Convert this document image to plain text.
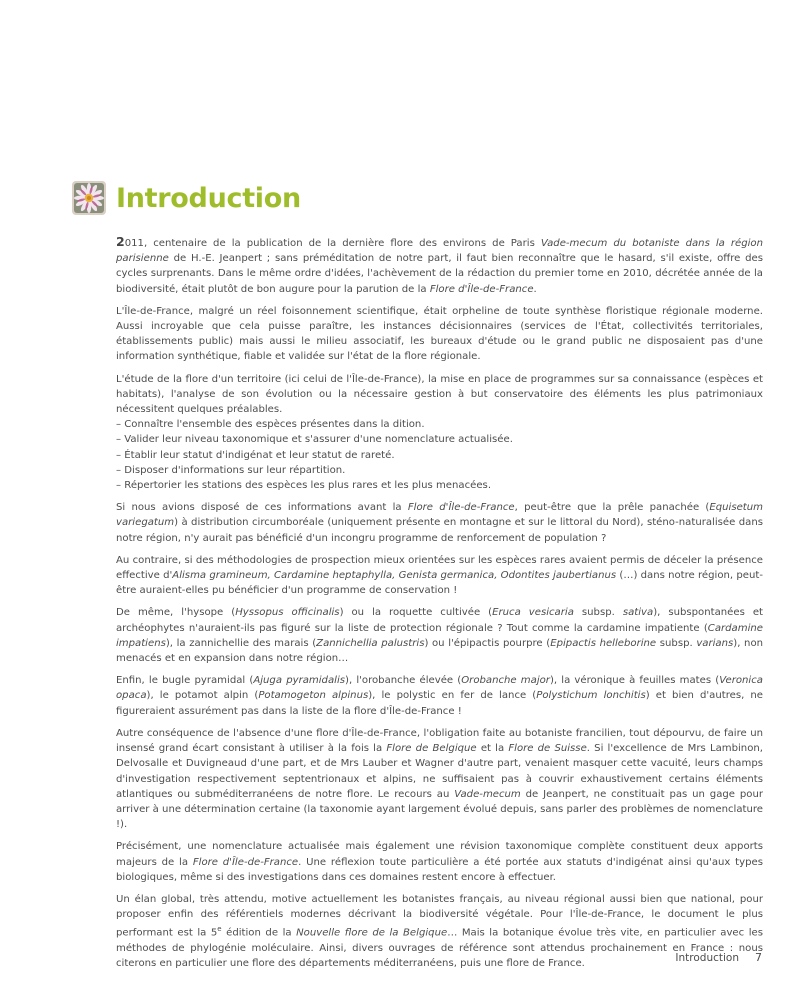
Introduction

2011, centenaire de la publication de la dernière flore des environs de Paris Vade-mecum du botaniste dans la région parisienne de H.-E. Jeanpert ; sans préméditation de notre part, il faut bien reconnaître que le hasard, s'il existe, offre des cycles surprenants. Dans le même ordre d'idées, l'achèvement de la rédaction du premier tome en 2010, décrétée année de la biodiversité, était plutôt de bon augure pour la parution de la Flore d'Île-de-France.

L'Île-de-France, malgré un réel foisonnement scientifique, était orpheline de toute synthèse floristique régionale moderne. Aussi incroyable que cela puisse paraître, les instances décisionnaires (services de l'État, collectivités territoriales, établissements public) mais aussi le milieu associatif, les bureaux d'étude ou le grand public ne disposaient pas d'une information synthétique, fiable et validée sur l'état de la flore régionale.

L'étude de la flore d'un territoire (ici celui de l'Île-de-France), la mise en place de programmes sur sa connaissance (espèces et habitats), l'analyse de son évolution ou la nécessaire gestion à but conservatoire des éléments les plus patrimoniaux nécessitent quelques préalables.

– Connaître l'ensemble des espèces présentes dans la dition.
– Valider leur niveau taxonomique et s'assurer d'une nomenclature actualisée.
– Établir leur statut d'indigénat et leur statut de rareté.
– Disposer d'informations sur leur répartition.
– Répertorier les stations des espèces les plus rares et les plus menacées.

Si nous avions disposé de ces informations avant la Flore d'Île-de-France, peut-être que la prêle panachée (Equisetum variegatum) à distribution circumboréale (uniquement présente en montagne et sur le littoral du Nord), sténo-naturalisée dans notre région, n'y aurait pas bénéficié d'un incongru programme de renforcement de population ?

Au contraire, si des méthodologies de prospection mieux orientées sur les espèces rares avaient permis de déceler la présence effective d'Alisma gramineum, Cardamine heptaphylla, Genista germanica, Odontites jaubertianus (…) dans notre région, peut-être auraient-elles pu bénéficier d'un programme de conservation !

De même, l'hysope (Hyssopus officinalis) ou la roquette cultivée (Eruca vesicaria subsp. sativa), subspontanées et archéophytes n'auraient-ils pas figuré sur la liste de protection régionale ? Tout comme la cardamine impatiente (Cardamine impatiens), la zannichellie des marais (Zannichellia palustris) ou l'épipactis pourpre (Epipactis helleborine subsp. varians), non menacés et en expansion dans notre région…

Enfin, le bugle pyramidal (Ajuga pyramidalis), l'orobanche élevée (Orobanche major), la véronique à feuilles mates (Veronica opaca), le potamot alpin (Potamogeton alpinus), le polystic en fer de lance (Polystichum lonchitis) et bien d'autres, ne figureraient assurément pas dans la liste de la flore d'Île-de-France !

Autre conséquence de l'absence d'une flore d'Île-de-France, l'obligation faite au botaniste francilien, tout dépourvu, de faire un insensé grand écart consistant à utiliser à la fois la Flore de Belgique et la Flore de Suisse. Si l'excellence de Mrs Lambinon, Delvosalle et Duvigneaud d'une part, et de Mrs Lauber et Wagner d'autre part, venaient masquer cette vacuité, leurs champs d'investigation respectivement septentrionaux et alpins, ne suffisaient pas à couvrir exhaustivement certains éléments atlantiques ou subméditerranéens de notre flore. Le recours au Vade-mecum de Jeanpert, ne constituait pas un gage pour arriver à une détermination certaine (la taxonomie ayant largement évolué depuis, sans parler des problèmes de nomenclature !).

Précisément, une nomenclature actualisée mais également une révision taxonomique complète constituent deux apports majeurs de la Flore d'Île-de-France. Une réflexion toute particulière a été portée aux statuts d'indigénat ainsi qu'aux types biologiques, même si des investigations dans ces domaines restent encore à effectuer.

Un élan global, très attendu, motive actuellement les botanistes français, au niveau régional aussi bien que national, pour proposer enfin des référentiels modernes décrivant la biodiversité végétale. Pour l'Île-de-France, le document le plus performant est la 5e édition de la Nouvelle flore de la Belgique… Mais la botanique évolue très vite, en particulier avec les méthodes de phylogénie moléculaire. Ainsi, divers ouvrages de référence sont attendus prochainement en France : nous citerons en particulier une flore des départements méditerranéens, puis une flore de France.	Introduction 7
